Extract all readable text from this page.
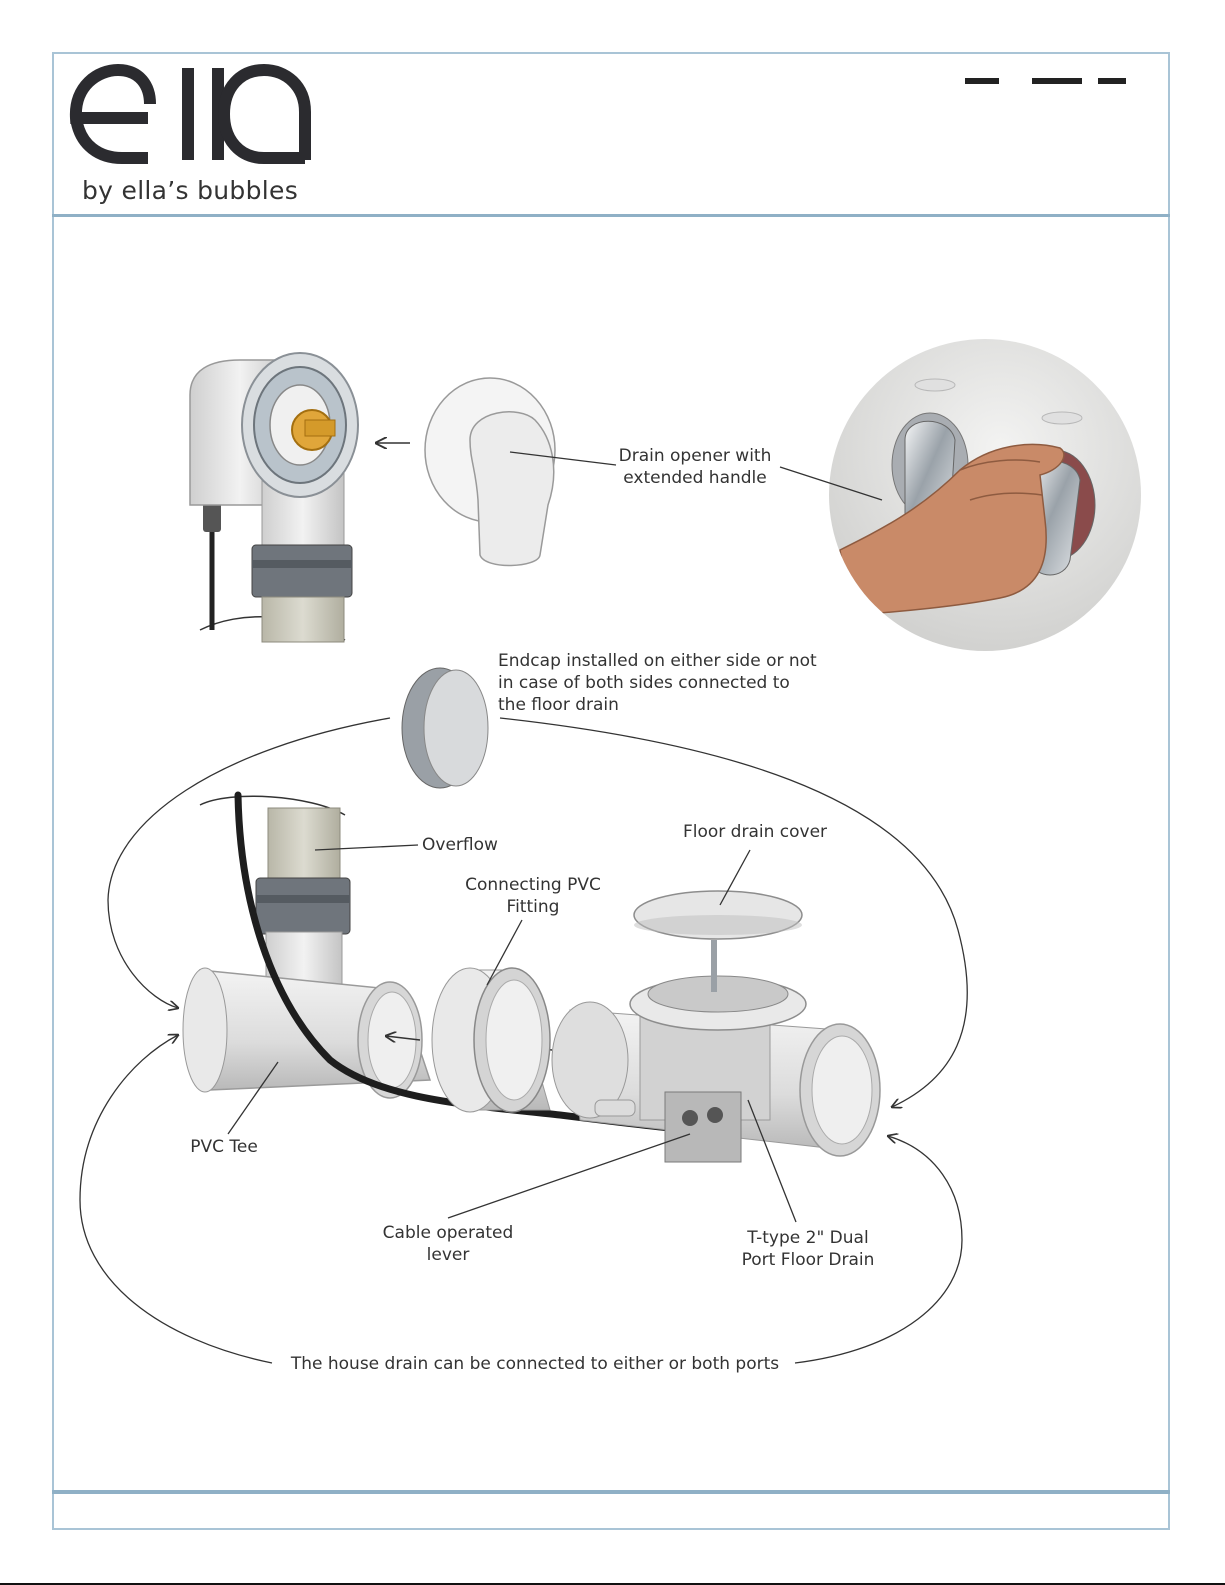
Drain opener with
extended handle
Endcap installed on either side or not
in case of both sides connected to
the floor drain
Overflow
Floor drain cover
Connecting PVC
Fitting
PVC Tee
Cable operated
lever
T-type 2" Dual
Port Floor Drain
The house drain can be connected to either or both ports
by ella’s bubbles
